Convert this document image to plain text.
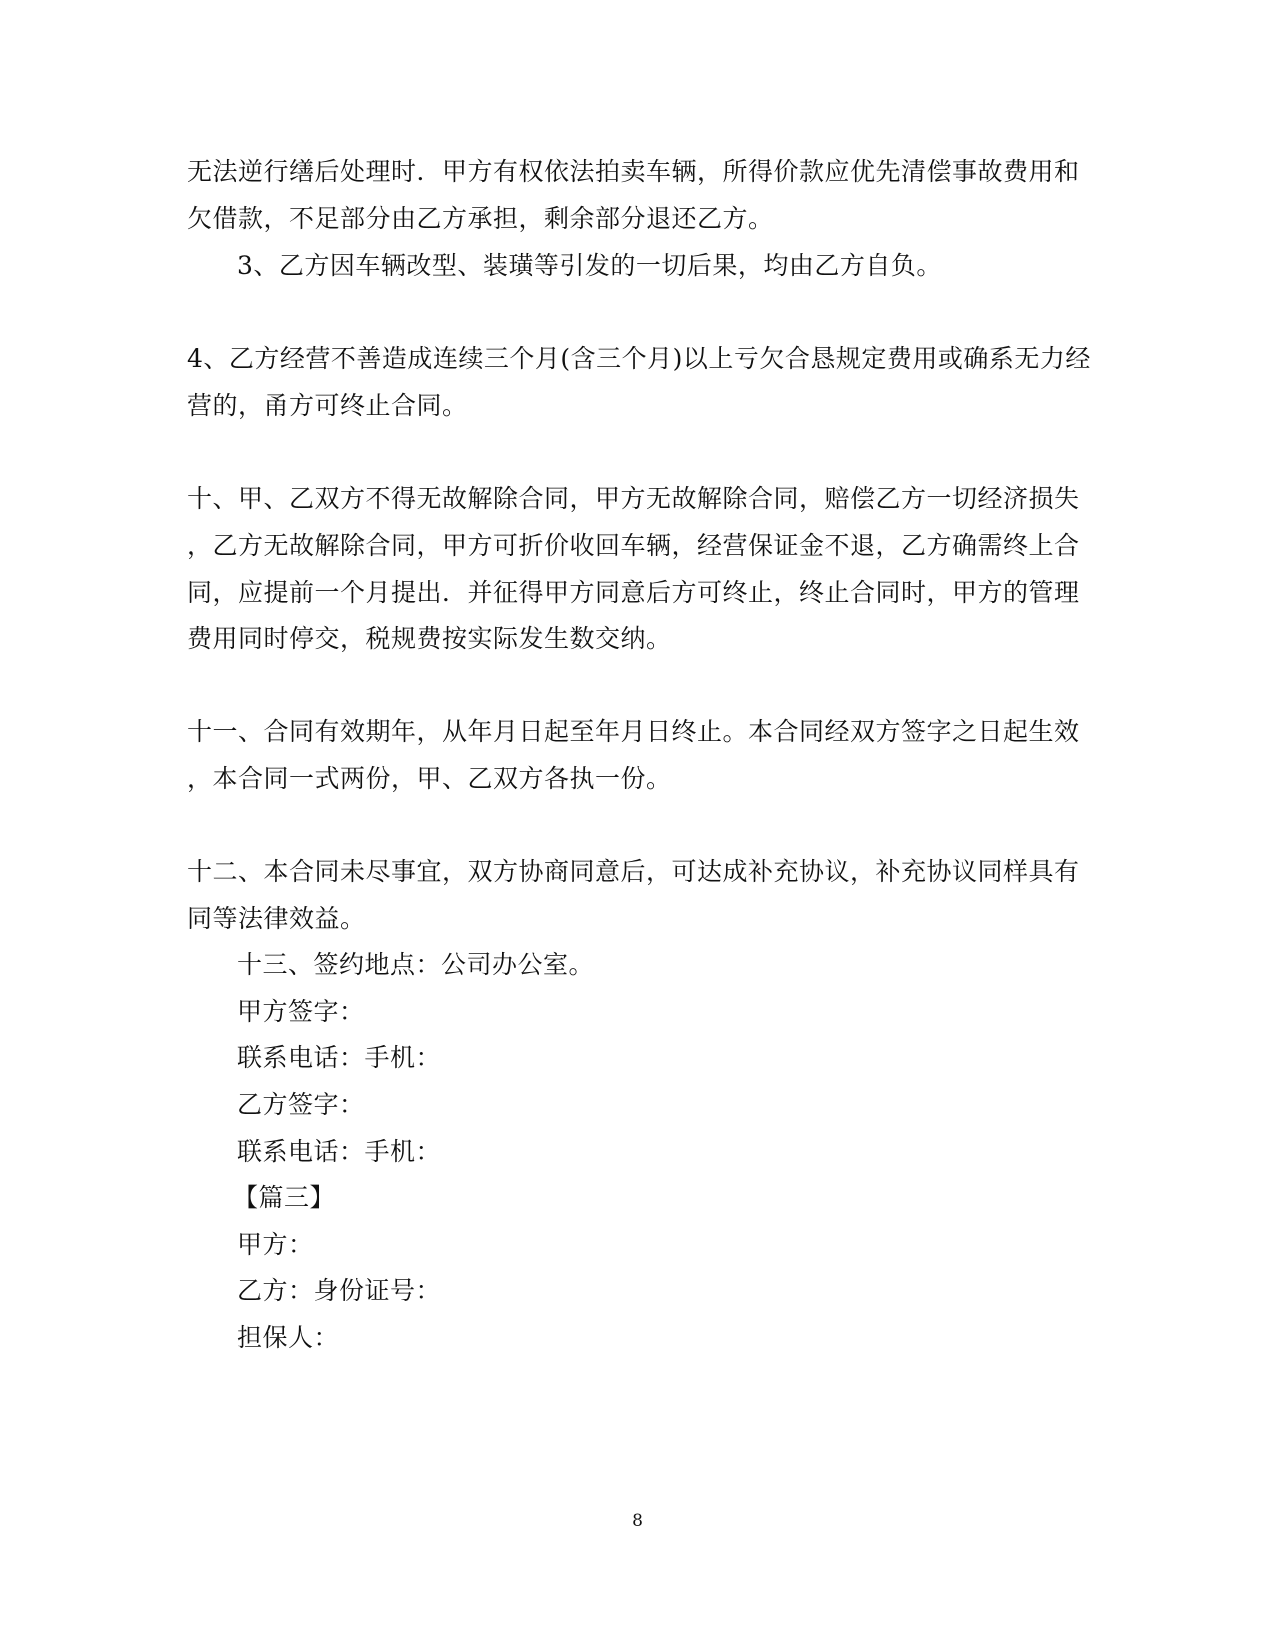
无法逆行缮后处理时．甲方有权依法拍卖车辆，所得价款应优先清偿事故费用和
欠借款，不足部分由乙方承担，剩余部分退还乙方。
3、乙方因车辆改型、装璜等引发的一切后果，均由乙方自负。
4、乙方经营不善造成连续三个月(含三个月)以上亏欠合恳规定费用或确系无力经
营的，甬方可终止合同。
十、甲、乙双方不得无故解除合同，甲方无故解除合同，赔偿乙方一切经济损失
，乙方无故解除合同，甲方可折价收回车辆，经营保证金不退，乙方确需终上合
同，应提前一个月提出．并征得甲方同意后方可终止，终止合同时，甲方的管理
费用同时停交，税规费按实际发生数交纳。
十一、合同有效期年，从年月日起至年月日终止。本合同经双方签字之日起生效
，本合同一式两份，甲、乙双方各执一份。
十二、本合同未尽事宜，双方协商同意后，可达成补充协议，补充协议同样具有
同等法律效益。
十三、签约地点：公司办公室。
甲方签字：
联系电话：手机：
乙方签字：
联系电话：手机：
【篇三】
甲方：
乙方：身份证号：
担保人：
8
